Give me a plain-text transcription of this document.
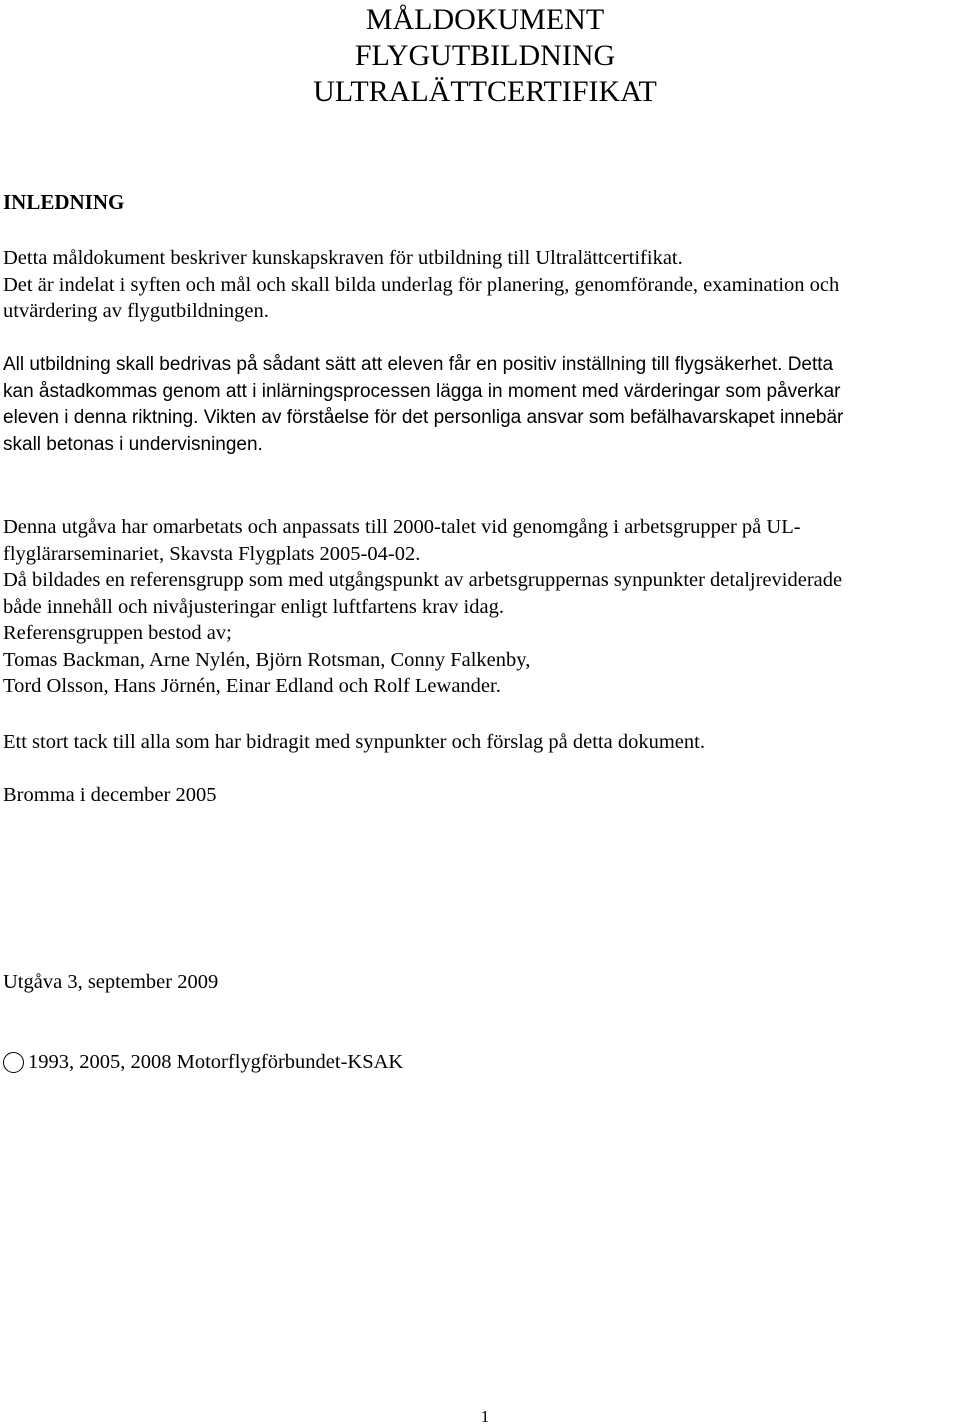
MÅLDOKUMENT
FLYGUTBILDNING
ULTRALÄTTCERTIFIKAT
INLEDNING
Detta måldokument beskriver kunskapskraven för utbildning till Ultralättcertifikat.
Det är indelat i syften och mål och skall bilda underlag för planering, genomförande, examination och
utvärdering av flygutbildningen.
All utbildning skall bedrivas på sådant sätt att eleven får en positiv inställning till flygsäkerhet. Detta
kan åstadkommas genom att i inlärningsprocessen lägga in moment med värderingar som påverkar
eleven i denna riktning. Vikten av förståelse för det personliga ansvar som befälhavarskapet innebär
skall betonas i undervisningen.
Denna utgåva har omarbetats och anpassats till 2000-talet vid genomgång i arbetsgrupper på UL-
flyglärarseminariet, Skavsta Flygplats 2005-04-02.
Då bildades en referensgrupp som med utgångspunkt av arbetsgruppernas synpunkter detaljreviderade
både innehåll och nivåjusteringar enligt luftfartens krav idag.
Referensgruppen bestod av;
Tomas Backman, Arne Nylén, Björn Rotsman, Conny Falkenby,
Tord Olsson, Hans Jörnén, Einar Edland och Rolf Lewander.
Ett stort tack till alla som har bidragit med synpunkter och förslag på detta dokument.
Bromma i december 2005
Utgåva 3, september 2009
1993, 2005, 2008 Motorflygförbundet-KSAK
1
